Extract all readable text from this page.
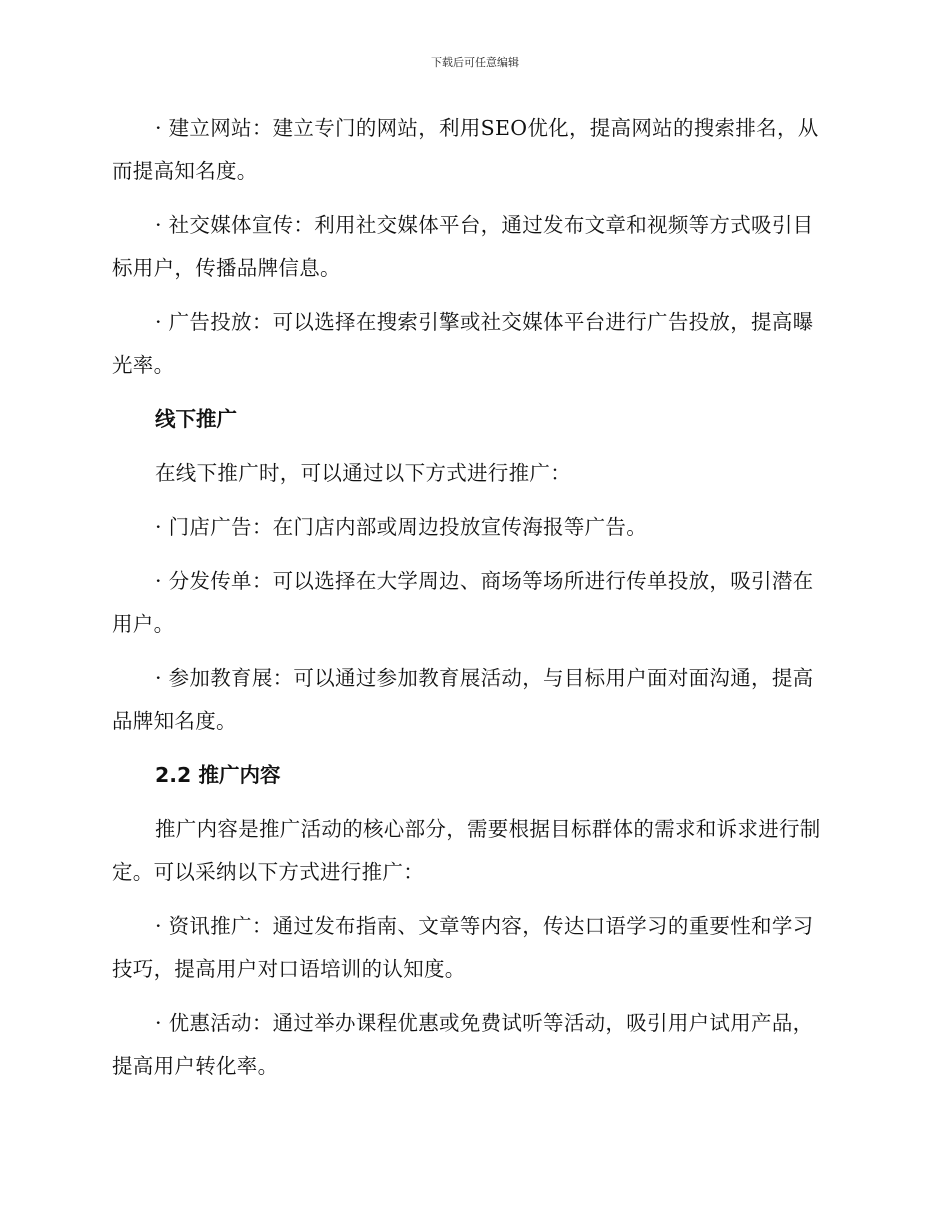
下载后可任意编辑

· 建立网站：建立专门的网站，利用SEO优化，提高网站的搜索排名，从而提高知名度。

· 社交媒体宣传：利用社交媒体平台，通过发布文章和视频等方式吸引目标用户，传播品牌信息。

· 广告投放：可以选择在搜索引擎或社交媒体平台进行广告投放，提高曝光率。

线下推广

在线下推广时，可以通过以下方式进行推广：

· 门店广告：在门店内部或周边投放宣传海报等广告。

· 分发传单：可以选择在大学周边、商场等场所进行传单投放，吸引潜在用户。

· 参加教育展：可以通过参加教育展活动，与目标用户面对面沟通，提高品牌知名度。

2.2 推广内容

推广内容是推广活动的核心部分，需要根据目标群体的需求和诉求进行制定。可以采纳以下方式进行推广：

· 资讯推广：通过发布指南、文章等内容，传达口语学习的重要性和学习技巧，提高用户对口语培训的认知度。

· 优惠活动：通过举办课程优惠或免费试听等活动，吸引用户试用产品，提高用户转化率。
